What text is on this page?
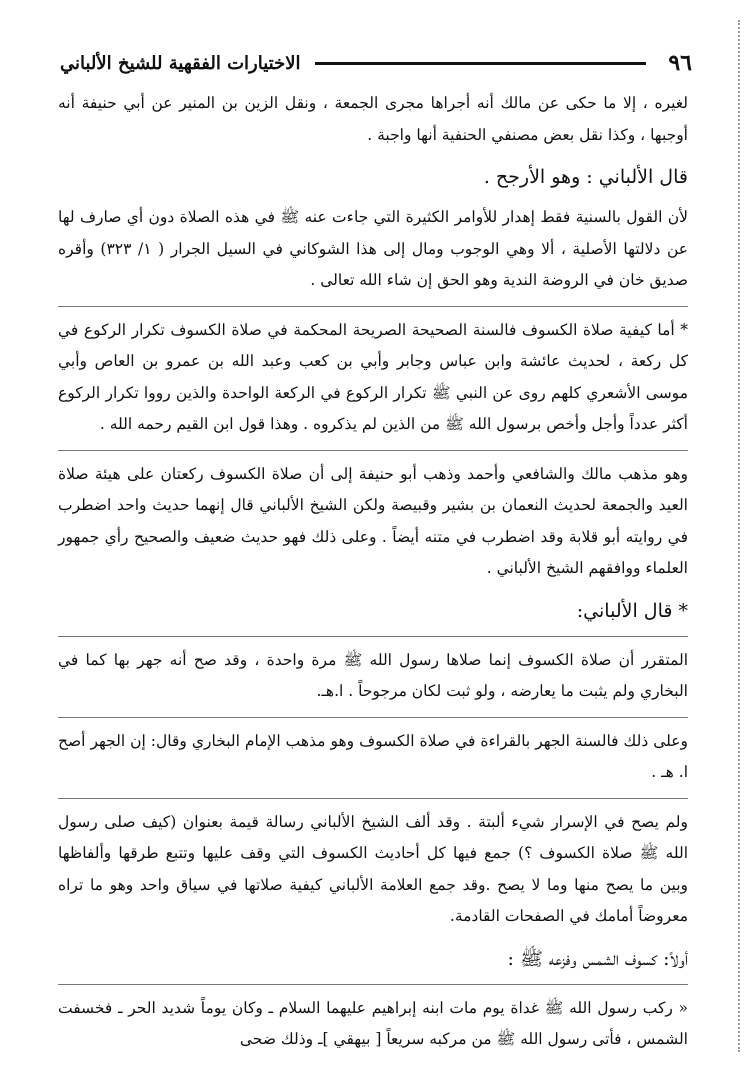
٩٦
الاختيارات الفقهية للشيخ الألباني

لغيره ، إلا ما حكى عن مالك أنه أجراها مجرى الجمعة ، ونقل الزين بن المنير عن أبي حنيفة أنه أوجبها ، وكذا نقل بعض مصنفي الحنفية أنها واجبة .

قال الألباني : وهو الأرجح .

لأن القول بالسنية فقط إهدار للأوامر الكثيرة التي جاءت عنه ﷺ في هذه الصلاة دون أي صارف لها عن دلالتها الأصلية ، ألا وهي الوجوب ومال إلى هذا الشوكاني في السيل الجرار ( ١/ ٣٢٣) وأقره صديق خان في الروضة الندية وهو الحق إن شاء الله تعالى .

* أما كيفية صلاة الكسوف فالسنة الصحيحة الصريحة المحكمة في صلاة الكسوف تكرار الركوع في كل ركعة ، لحديث عائشة وابن عباس وجابر وأبي بن كعب وعبد الله بن عمرو بن العاص وأبي موسى الأشعري كلهم روى عن النبي ﷺ تكرار الركوع في الركعة الواحدة والذين رووا تكرار الركوع أكثر عدداً وأجل وأخص برسول الله ﷺ من الذين لم يذكروه . وهذا قول ابن القيم رحمه الله .

وهو مذهب مالك والشافعي وأحمد وذهب أبو حنيفة إلى أن صلاة الكسوف ركعتان على هيئة صلاة العيد والجمعة لحديث النعمان بن بشير وقبيصة ولكن الشيخ الألباني قال إنهما حديث واحد اضطرب في روايته أبو قلابة وقد اضطرب في متنه أيضاً . وعلى ذلك فهو حديث ضعيف والصحيح رأي جمهور العلماء ووافقهم الشيخ الألباني .

* قال الألباني:

المتقرر أن صلاة الكسوف إنما صلاها رسول الله ﷺ مرة واحدة ، وقد صح أنه جهر بها كما في البخاري ولم يثبت ما يعارضه ، ولو ثبت لكان مرجوحاً . ا.هـ.

وعلى ذلك فالسنة الجهر بالقراءة في صلاة الكسوف وهو مذهب الإمام البخاري وقال: إن الجهر أصح ا. هـ .

ولم يصح في الإسرار شيء ألبتة . وقد ألف الشيخ الألباني رسالة قيمة بعنوان (كيف صلى رسول الله ﷺ صلاة الكسوف ؟) جمع فيها كل أحاديث الكسوف التي وقف عليها وتتبع طرقها وألفاظها وبين ما يصح منها وما لا يصح .وقد جمع العلامة الألباني كيفية صلاتها في سياق واحد وهو ما تراه معروضاً أمامك في الصفحات القادمة.

أولاً: كسوف الشمس وفزعه ﷺ :

« ركب رسول الله ﷺ غداة يوم مات ابنه إبراهيم عليهما السلام ـ وكان يوماً شديد الحر ـ فخسفت الشمس ، فأتى رسول الله ﷺ من مركبه سريعاً [ بيهقي ]ـ وذلك ضحى
